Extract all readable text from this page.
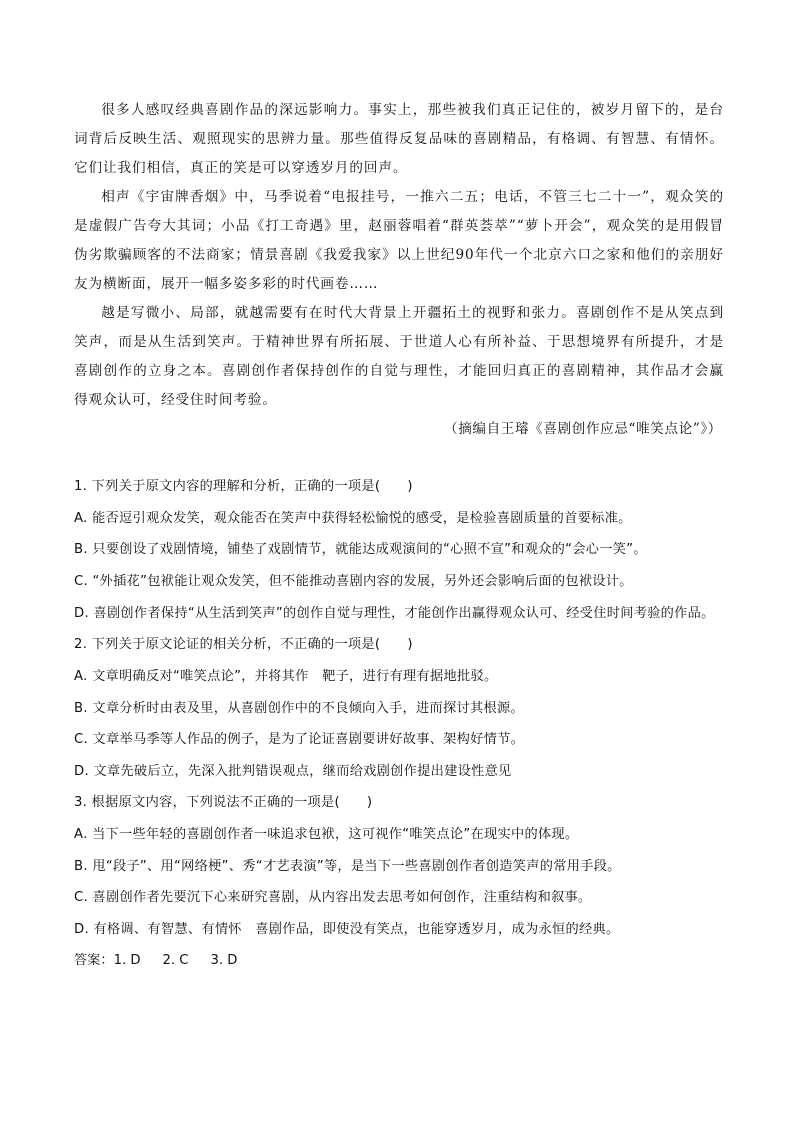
很多人感叹经典喜剧作品的深远影响力。事实上，那些被我们真正记住的，被岁月留下的，是台词背后反映生活、观照现实的思辨力量。那些值得反复品味的喜剧精品，有格调、有智慧、有情怀。它们让我们相信，真正的笑是可以穿透岁月的回声。

相声《宇宙牌香烟》中，马季说着“电报挂号，一推六二五；电话，不管三七二十一”，观众笑的是虚假广告夸大其词；小品《打工奇遇》里，赵丽蓉唱着“群英荟萃”“萝卜开会”，观众笑的是用假冒伪劣欺骗顾客的不法商家；情景喜剧《我爱我家》以上世纪90年代一个北京六口之家和他们的亲朋好友为横断面，展开一幅多姿多彩的时代画卷……

越是写微小、局部，就越需要有在时代大背景上开疆拓土的视野和张力。喜剧创作不是从笑点到笑声，而是从生活到笑声。于精神世界有所拓展、于世道人心有所补益、于思想境界有所提升，才是喜剧创作的立身之本。喜剧创作者保持创作的自觉与理性，才能回归真正的喜剧精神，其作品才会赢得观众认可，经受住时间考验。

（摘编自王璿《喜剧创作应忌“唯笑点论”》）

1. 下列关于原文内容的理解和分析，正确的一项是(　　)

A. 能否逗引观众发笑，观众能否在笑声中获得轻松愉悦的感受，是检验喜剧质量的首要标准。

B. 只要创设了戏剧情境，铺垫了戏剧情节，就能达成观演间的“心照不宣”和观众的“会心一笑”。

C. “外插花”包袱能让观众发笑，但不能推动喜剧内容的发展，另外还会影响后面的包袱设计。

D. 喜剧创作者保持“从生活到笑声”的创作自觉与理性，才能创作出赢得观众认可、经受住时间考验的作品。

2. 下列关于原文论证的相关分析，不正确的一项是(　　)

A. 文章明确反对“唯笑点论”，并将其作　靶子，进行有理有据地批驳。

B. 文章分析时由表及里，从喜剧创作中的不良倾向入手，进而探讨其根源。

C. 文章举马季等人作品的例子，是为了论证喜剧要讲好故事、架构好情节。

D. 文章先破后立，先深入批判错误观点，继而给戏剧创作提出建设性意见

3. 根据原文内容，下列说法不正确的一项是(　　)

A. 当下一些年轻的喜剧创作者一味追求包袱，这可视作“唯笑点论”在现实中的体现。

B. 甩“段子”、用“网络梗”、秀“才艺表演”等，是当下一些喜剧创作者创造笑声的常用手段。

C. 喜剧创作者先要沉下心来研究喜剧，从内容出发去思考如何创作，注重结构和叙事。

D. 有格调、有智慧、有情怀　喜剧作品，即使没有笑点，也能穿透岁月，成为永恒的经典。

答案：1. D 2. C 3. D
